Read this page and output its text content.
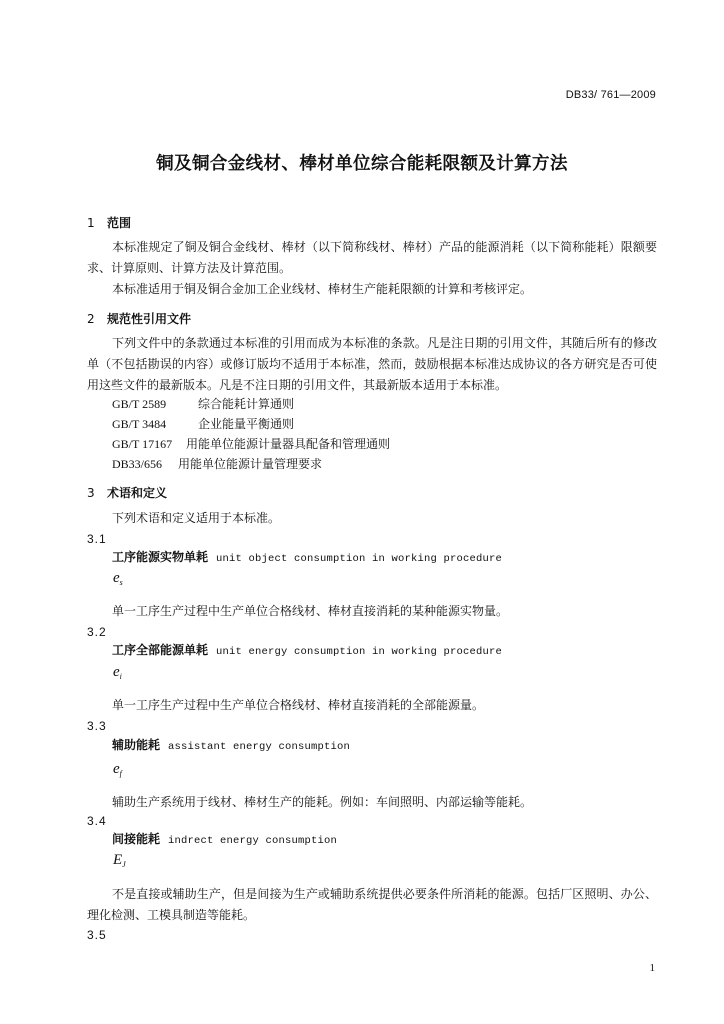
DB33/ 761—2009
铜及铜合金线材、棒材单位综合能耗限额及计算方法
1 范围

本标准规定了铜及铜合金线材、棒材（以下简称线材、棒材）产品的能源消耗（以下简称能耗）限额要求、计算原则、计算方法及计算范围。

本标准适用于铜及铜合金加工企业线材、棒材生产能耗限额的计算和考核评定。

2 规范性引用文件

下列文件中的条款通过本标准的引用而成为本标准的条款。凡是注日期的引用文件，其随后所有的修改单（不包括勘误的内容）或修订版均不适用于本标准，然而，鼓励根据本标准达成协议的各方研究是否可使用这些文件的最新版本。凡是不注日期的引用文件，其最新版本适用于本标准。

GB/T 2589	综合能耗计算通则
GB/T 3484	企业能量平衡通则
GB/T 17167 用能单位能源计量器具配备和管理通则
DB33/656 用能单位能源计量管理要求
3 术语和定义
下列术语和定义适用于本标准。
3.1
工序能源实物单耗 unit object consumption in working procedure
$e_s$
单一工序生产过程中生产单位合格线材、棒材直接消耗的某种能源实物量。
3.2
工序全部能源单耗 unit energy consumption in working procedure
$e_i$
单一工序生产过程中生产单位合格线材、棒材直接消耗的全部能源量。
3.3
辅助能耗 assistant energy consumption
$e_f$
辅助生产系统用于线材、棒材生产的能耗。例如：车间照明、内部运输等能耗。
3.4
间接能耗 indrect energy consumption
$E_J$

不是直接或辅助生产，但是间接为生产或辅助系统提供必要条件所消耗的能源。包括厂区照明、办公、理化检测、工模具制造等能耗。

3.5
1
